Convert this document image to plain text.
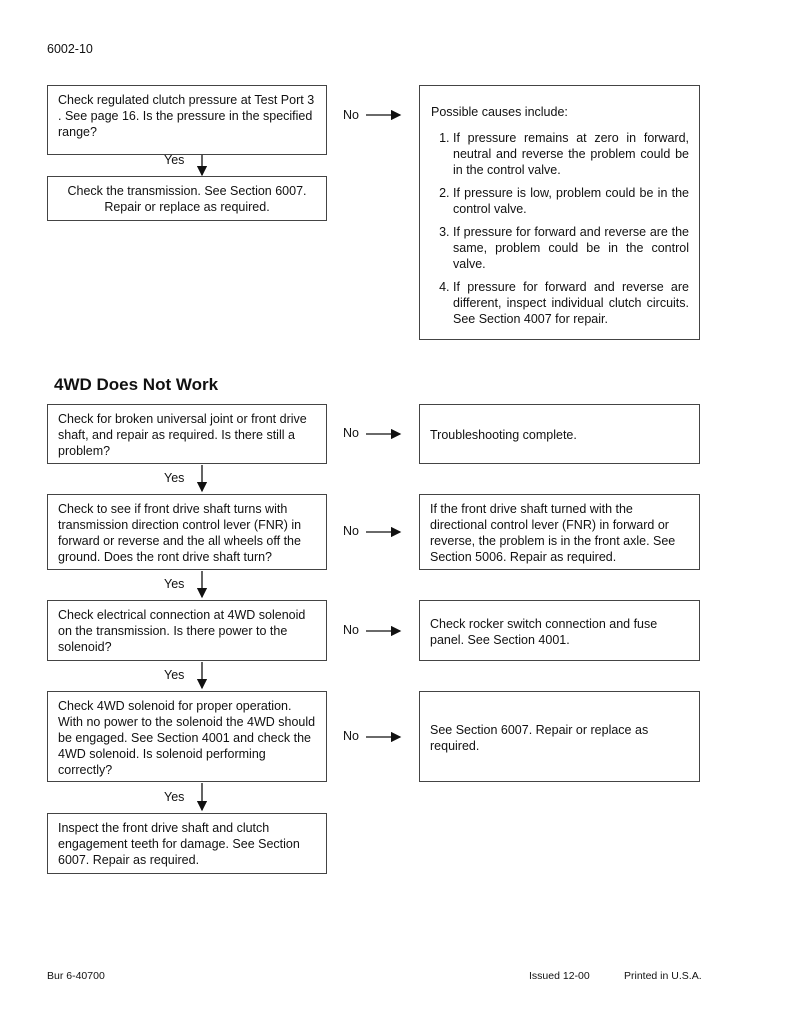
6002-10
Check regulated clutch pressure at Test Port 3 . See page 16. Is the pressure in the specified range?
Yes
Check the transmission. See Section 6007.
Repair or replace as required.
No	Possible causes include:
1. If pressure remains at zero in forward, neutral and reverse the problem could be in the control valve.
2. If pressure is low, problem could be in the control valve.
3. If pressure for forward and reverse are the same, problem could be in the control valve.
4. If pressure for forward and reverse are different, inspect individual clutch circuits. See Section 4007 for repair.
4WD Does Not Work
Check for broken universal joint or front drive shaft, and repair as required. Is there still a problem?
Yes
No	Troubleshooting complete.
Check to see if front drive shaft turns with transmission direction control lever (FNR) in forward or reverse and the all wheels off the ground. Does the ront drive shaft turn?
Yes
No
If the front drive shaft turned with the directional control lever (FNR) in forward or reverse, the problem is in the front axle. See Section 5006. Repair as required.
Check electrical connection at 4WD solenoid on the transmission. Is there power to the solenoid?
Yes
No	Check rocker switch connection and fuse panel. See Section 4001.
Check 4WD solenoid for proper operation. With no power to the solenoid the 4WD should be engaged. See Section 4001 and check the 4WD solenoid. Is solenoid performing correctly?
Yes
No	See Section 6007. Repair or replace as required.
Inspect the front drive shaft and clutch engagement teeth for damage. See Section 6007. Repair as required.
Bur 6-40700	Issued 12-00	Printed in U.S.A.
